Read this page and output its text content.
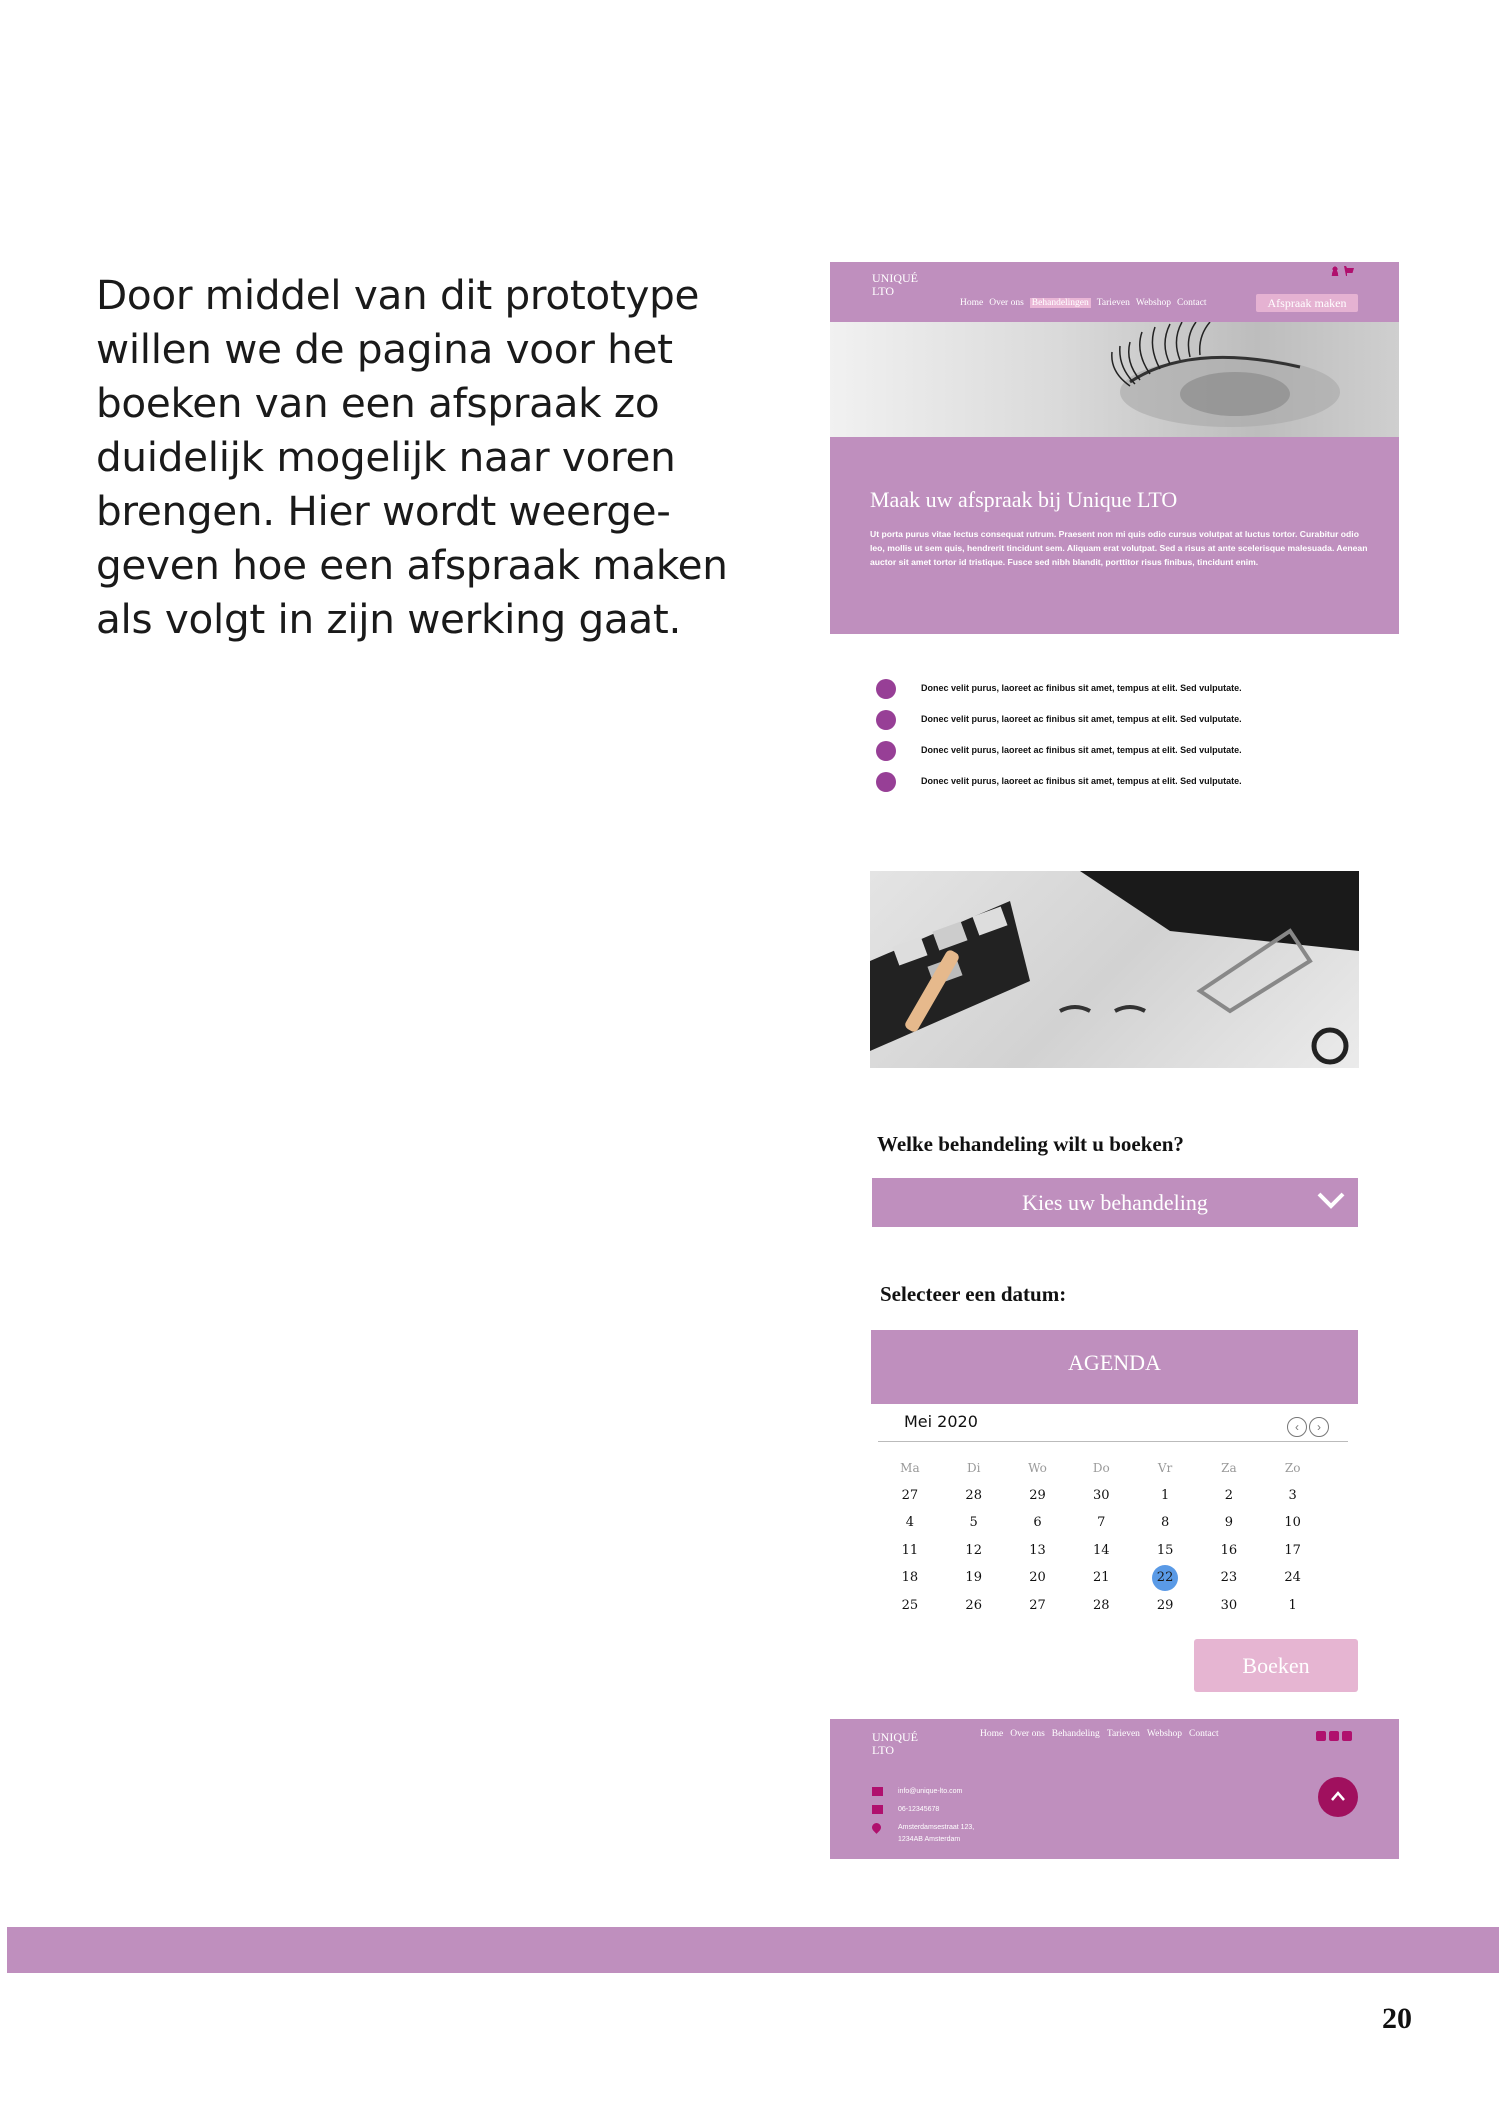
Door middel van dit prototype
willen we de pagina voor het
boeken van een afspraak zo
duidelijk mogelijk naar voren
brengen. Hier wordt weerge-
geven hoe een afspraak maken
als volgt in zijn werking gaat.
UNIQUÉ
LTO
Home Over ons Behandelingen Tarieven Webshop Contact	Afspraak maken
Maak uw afspraak bij Unique LTO
Ut porta purus vitae lectus consequat rutrum. Praesent non mi quis odio cursus volutpat at luctus tortor. Curabitur odio leo, mollis ut sem quis, hendrerit tincidunt sem. Aliquam erat volutpat. Sed a risus at ante scelerisque malesuada. Aenean auctor sit amet tortor id tristique. Fusce sed nibh blandit, porttitor risus finibus, tincidunt enim.
Donec velit purus, laoreet ac finibus sit amet, tempus at elit. Sed vulputate.
Donec velit purus, laoreet ac finibus sit amet, tempus at elit. Sed vulputate.
Donec velit purus, laoreet ac finibus sit amet, tempus at elit. Sed vulputate.
Donec velit purus, laoreet ac finibus sit amet, tempus at elit. Sed vulputate.
Welke behandeling wilt u boeken?
Kies uw behandeling
Selecteer een datum:
AGENDA
Mei 2020	‹	›
Ma	Di	Wo	Do	Vr	Za	Zo
27	28	29	30	1	2	3
4	5	6	7	8	9	10
11	12	13	14	15	16	17
18	19	20	21	22	23	24
25	26	27	28	29	30	1
Boeken
UNIQUÉ
LTO
Home Over ons Behandeling Tarieven Webshop Contact
info@unique-lto.com
06-12345678
Amsterdamsestraat 123,
1234AB Amsterdam
20
